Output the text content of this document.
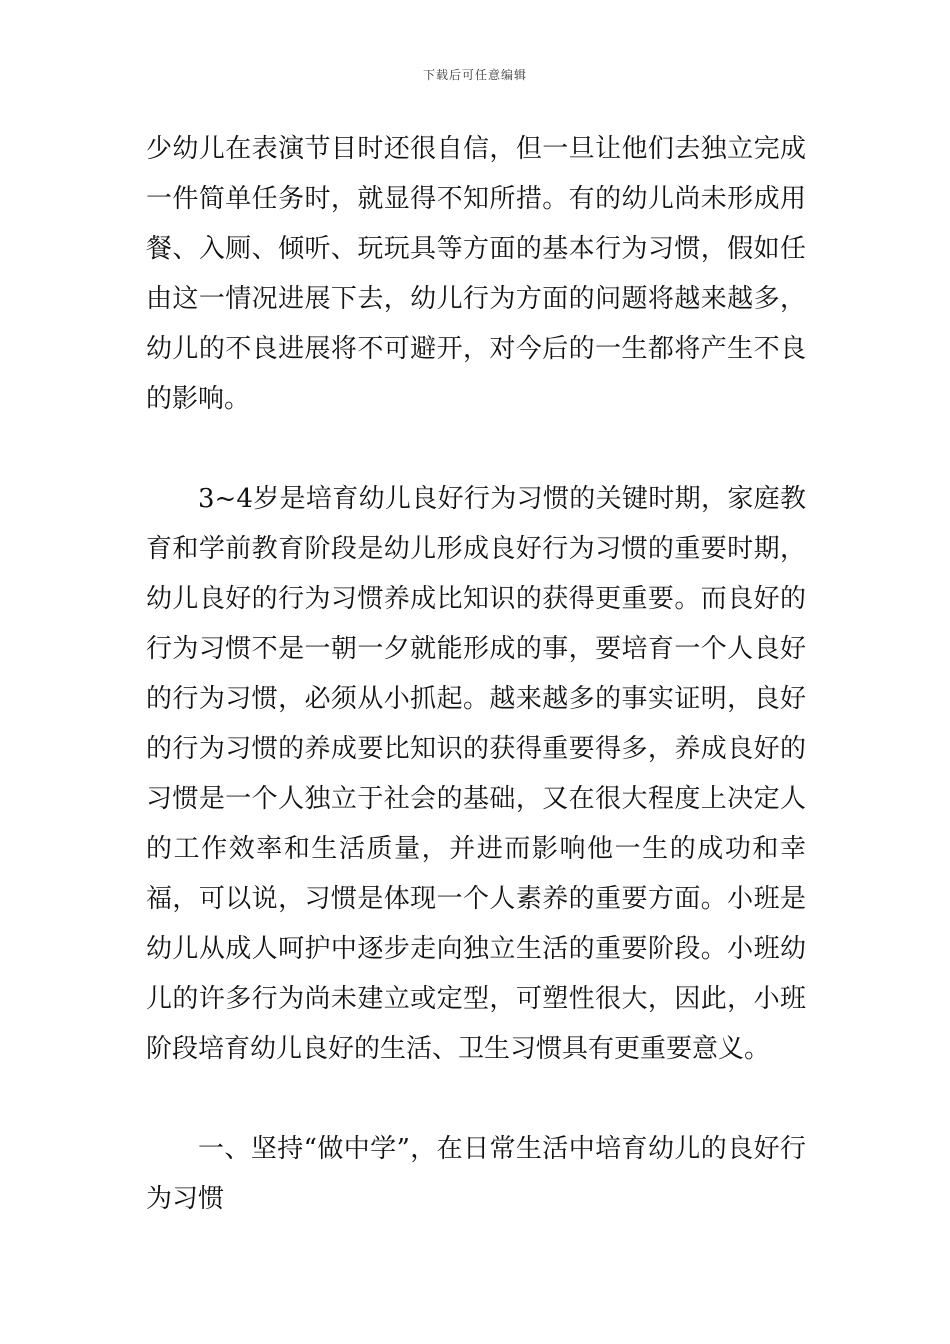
下载后可任意编辑

少幼儿在表演节目时还很自信，但一旦让他们去独立完成一件简单任务时，就显得不知所措。有的幼儿尚未形成用餐、入厕、倾听、玩玩具等方面的基本行为习惯，假如任由这一情况进展下去，幼儿行为方面的问题将越来越多，幼儿的不良进展将不可避开，对今后的一生都将产生不良的影响。

3~4岁是培育幼儿良好行为习惯的关键时期，家庭教育和学前教育阶段是幼儿形成良好行为习惯的重要时期，幼儿良好的行为习惯养成比知识的获得更重要。而良好的行为习惯不是一朝一夕就能形成的事，要培育一个人良好的行为习惯，必须从小抓起。越来越多的事实证明，良好的行为习惯的养成要比知识的获得重要得多，养成良好的习惯是一个人独立于社会的基础，又在很大程度上决定人的工作效率和生活质量，并进而影响他一生的成功和幸福，可以说，习惯是体现一个人素养的重要方面。小班是幼儿从成人呵护中逐步走向独立生活的重要阶段。小班幼儿的许多行为尚未建立或定型，可塑性很大，因此，小班阶段培育幼儿良好的生活、卫生习惯具有更重要意义。

一、坚持“做中学”，在日常生活中培育幼儿的良好行为习惯
